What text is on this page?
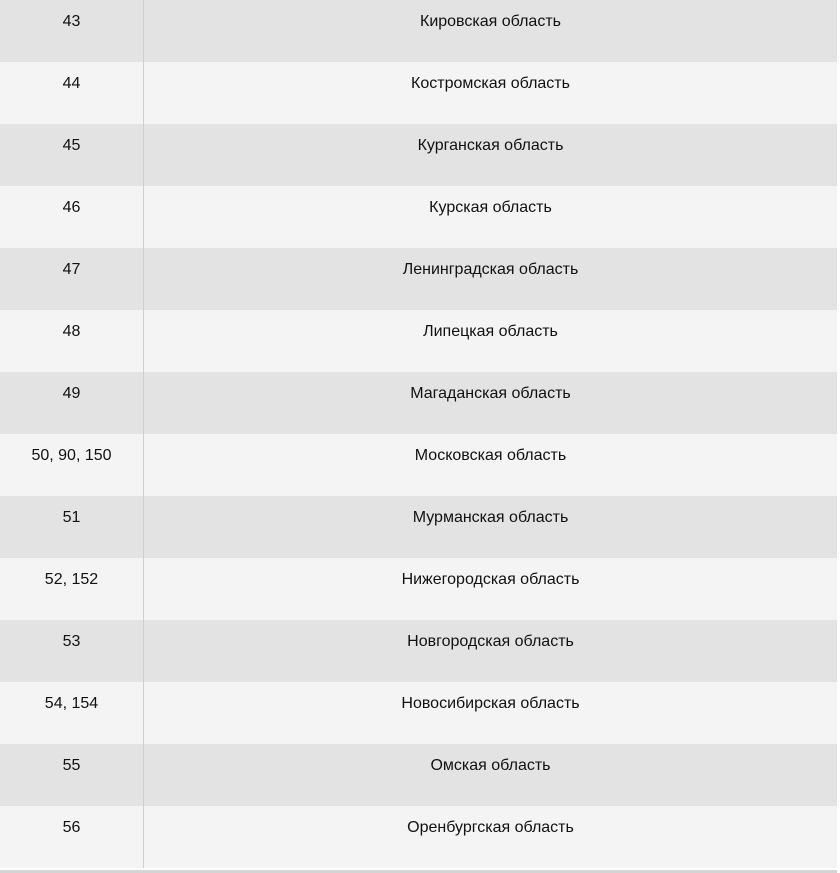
43	Кировская область
44	Костромская область
45	Курганская область
46	Курская область
47	Ленинградская область
48	Липецкая область
49	Магаданская область
50, 90, 150	Московская область
51	Мурманская область
52, 152	Нижегородская область
53	Новгородская область
54, 154	Новосибирская область
55	Омская область
56	Оренбургская область
